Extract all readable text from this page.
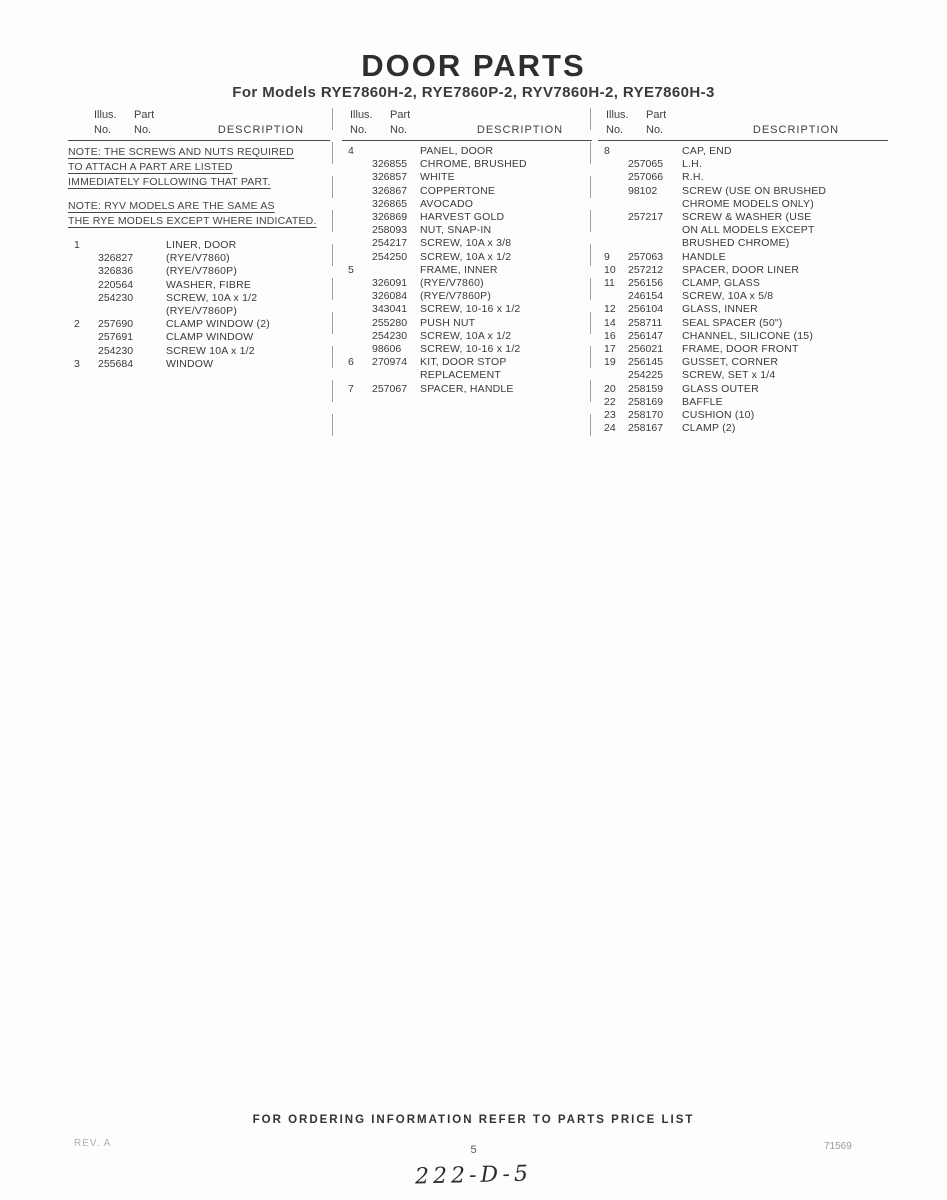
DOOR PARTS
For Models RYE7860H-2, RYE7860P-2, RYV7860H-2, RYE7860H-3
Illus.	Part
No.	No.	DESCRIPTION
NOTE: THE SCREWS AND NUTS REQUIRED
TO ATTACH A PART ARE LISTED
IMMEDIATELY FOLLOWING THAT PART.
NOTE: RYV MODELS ARE THE SAME AS
THE RYE MODELS EXCEPT WHERE INDICATED.
1	LINER, DOOR
326827	(RYE/V7860)
326836	(RYE/V7860P)
220564	WASHER, FIBRE
254230	SCREW, 10A x 1/2
(RYE/V7860P)
2	257690	CLAMP WINDOW (2)
257691	CLAMP WINDOW
254230	SCREW 10A x 1/2
3	255684	WINDOW
Illus.	Part
No.	No.	DESCRIPTION
4	PANEL, DOOR
326855	CHROME, BRUSHED
326857	WHITE
326867	COPPERTONE
326865	AVOCADO
326869	HARVEST GOLD
258093	NUT, SNAP-IN
254217	SCREW, 10A x 3/8
254250	SCREW, 10A x 1/2
5	FRAME, INNER
326091	(RYE/V7860)
326084	(RYE/V7860P)
343041	SCREW, 10-16 x 1/2
255280	PUSH NUT
254230	SCREW, 10A x 1/2
98606	SCREW, 10-16 x 1/2
6	270974	KIT, DOOR STOP
REPLACEMENT
7	257067	SPACER, HANDLE
Illus.	Part
No.	No.	DESCRIPTION
8	CAP, END
257065	L.H.
257066	R.H.
98102	SCREW (USE ON BRUSHED
CHROME MODELS ONLY)
257217	SCREW & WASHER (USE
ON ALL MODELS EXCEPT
BRUSHED CHROME)
9	257063	HANDLE
10	257212	SPACER, DOOR LINER
11	256156	CLAMP, GLASS
246154	SCREW, 10A x 5/8
12	256104	GLASS, INNER
14	258711	SEAL SPACER (50")
16	256147	CHANNEL, SILICONE (15)
17	256021	FRAME, DOOR FRONT
19	256145	GUSSET, CORNER
254225	SCREW, SET x 1/4
20	258159	GLASS OUTER
22	258169	BAFFLE
23	258170	CUSHION (10)
24	258167	CLAMP (2)
FOR ORDERING INFORMATION REFER TO PARTS PRICE LIST
REV. A
5	71569
222-D-5
